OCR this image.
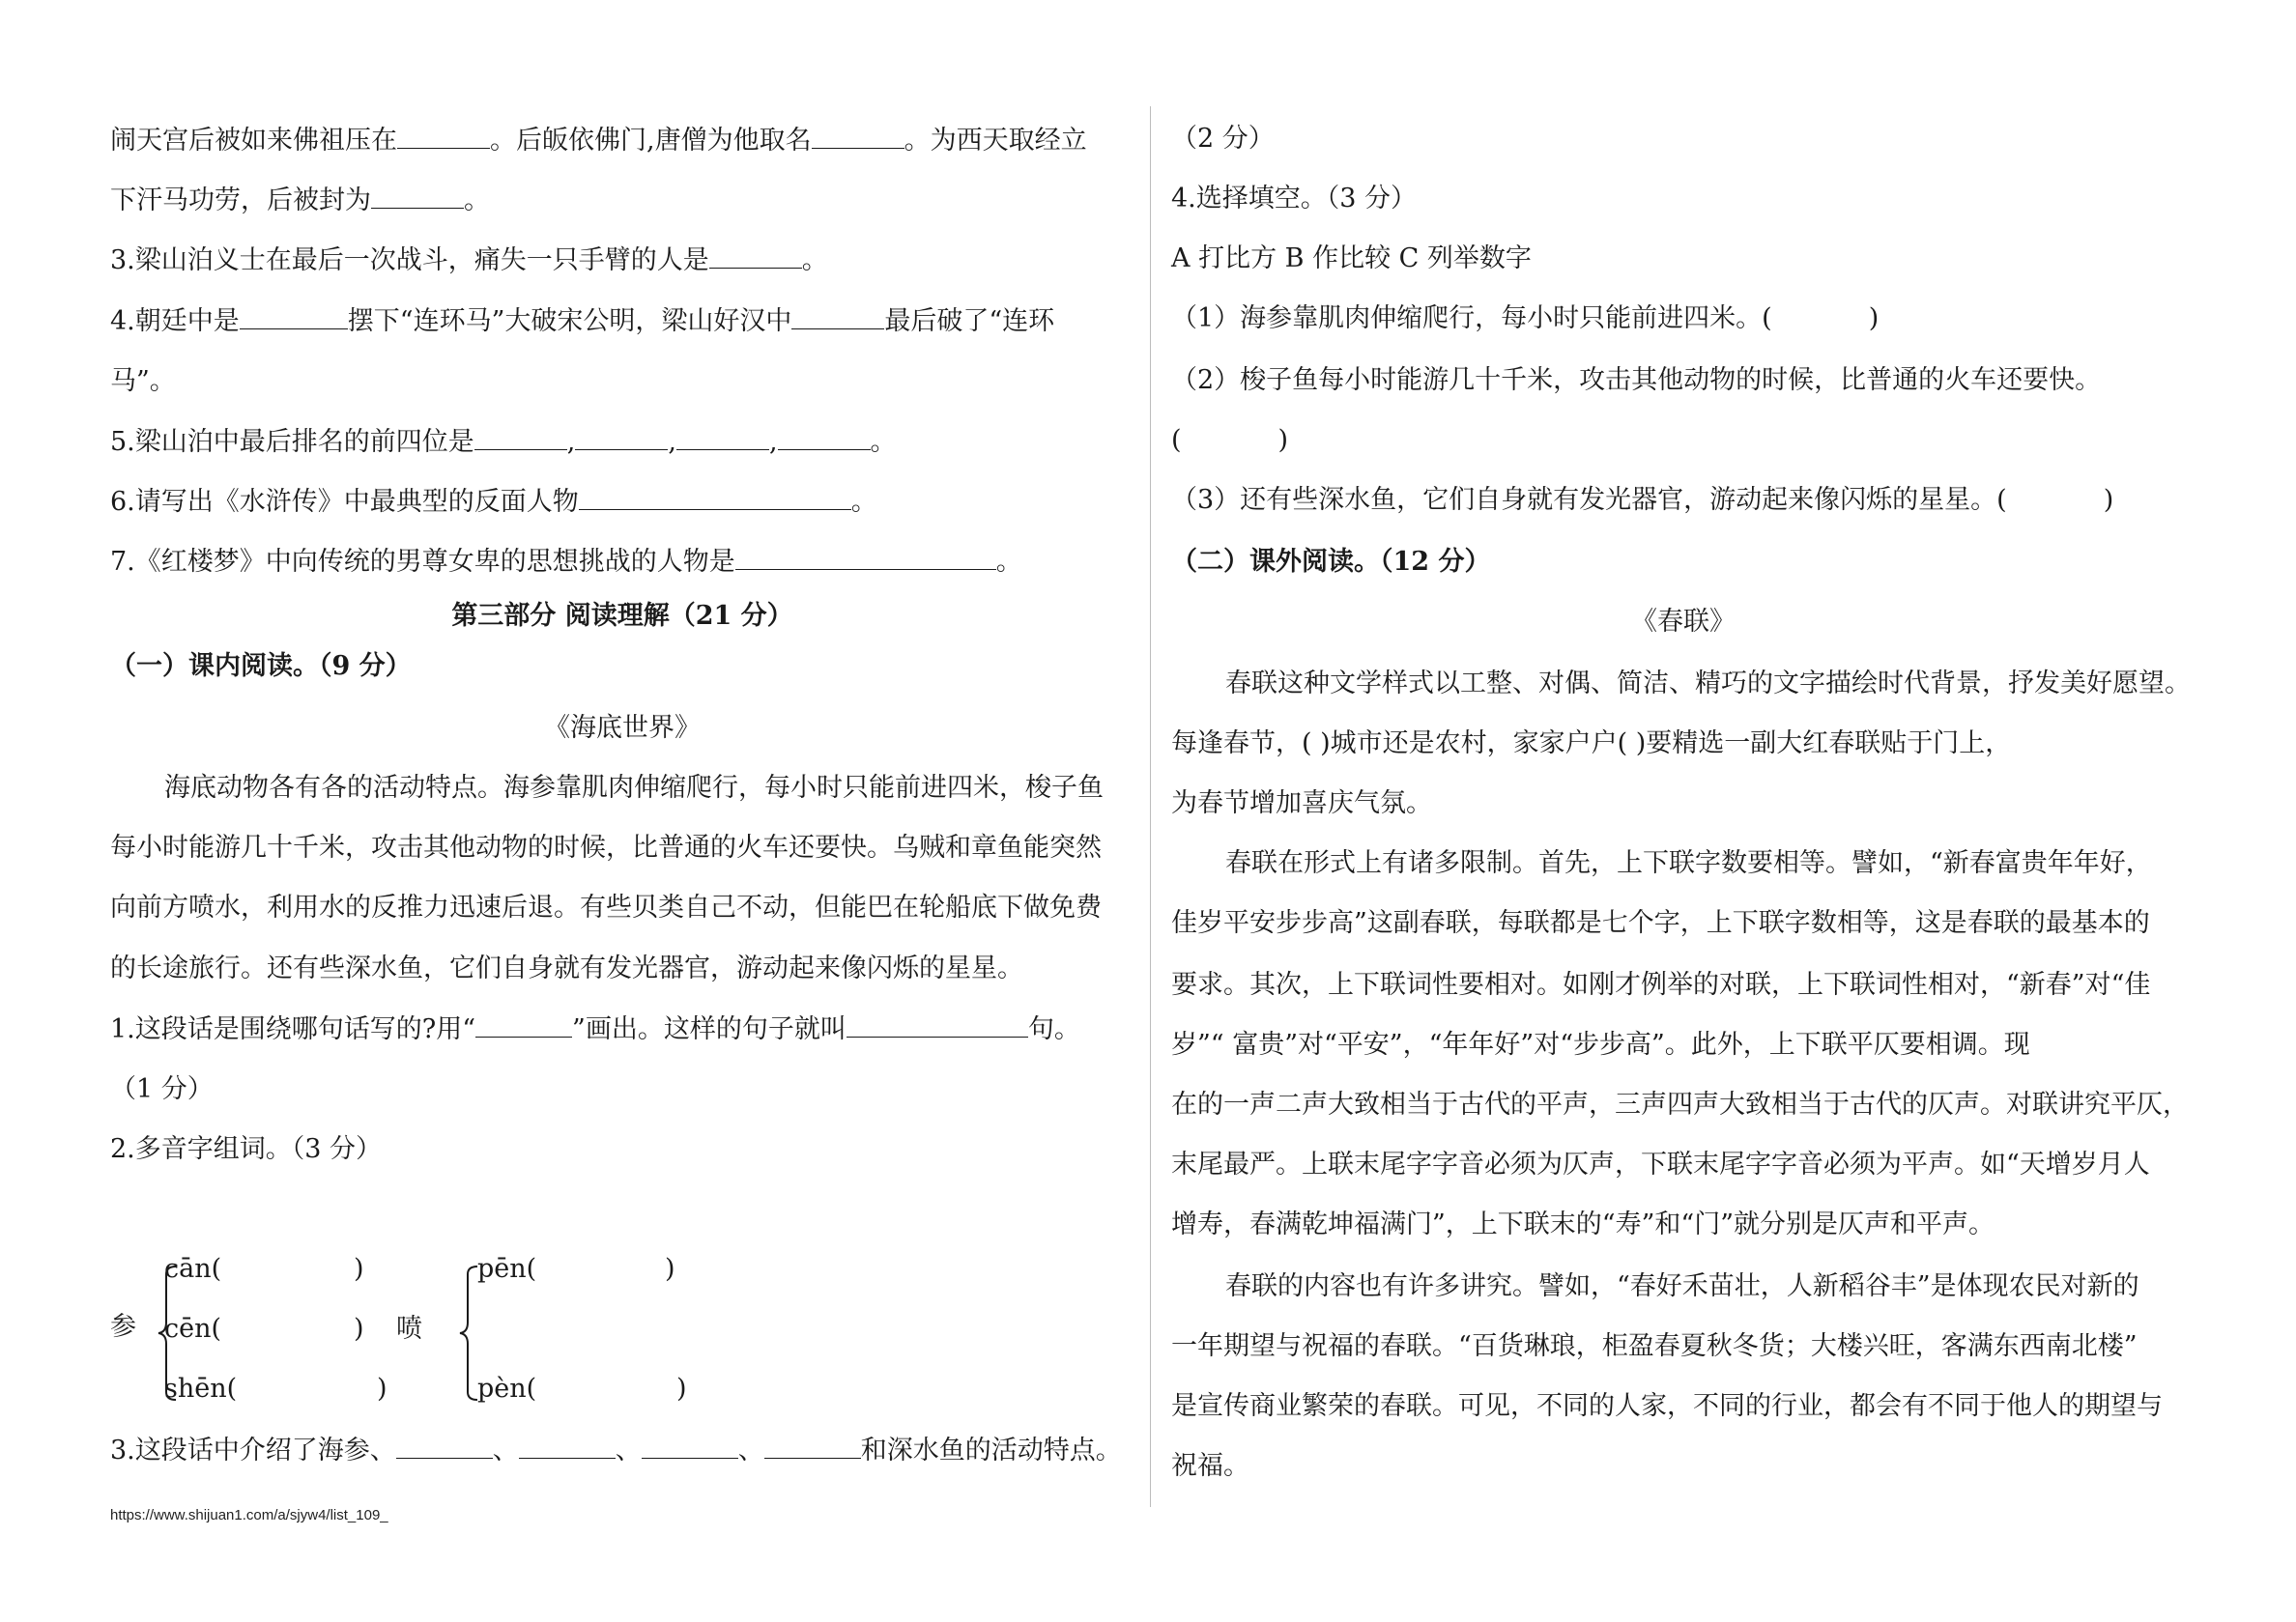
闹天宫后被如来佛祖压在	。后皈依佛门,唐僧为他取名	。为西天取经立
下汗马功劳，后被封为	。
3.梁山泊义士在最后一次战斗，痛失一只手臂的人是	。
4.朝廷中是	摆下“连环马”大破宋公明，梁山好汉中	最后破了“连环
马”。
5.梁山泊中最后排名的前四位是	,	,	,	。
6.请写出《水浒传》中最典型的反面人物	。
7.《红楼梦》中向传统的男尊女卑的思想挑战的人物是	。
第三部分 阅读理解（21 分）
（一）课内阅读。（9 分）
《海底世界》
海底动物各有各的活动特点。海参靠肌肉伸缩爬行，每小时只能前进四米，梭子鱼
每小时能游几十千米，攻击其他动物的时候，比普通的火车还要快。乌贼和章鱼能突然
向前方喷水，利用水的反推力迅速后退。有些贝类自己不动，但能巴在轮船底下做免费
的长途旅行。还有些深水鱼，它们自身就有发光器官，游动起来像闪烁的星星。
1.这段话是围绕哪句话写的?用“	”画出。这样的句子就叫	句。
（1 分）
2.多音字组词。（3 分）
参
cān(	)
cēn(	)
shēn(	)
喷
pēn(	)
pèn(	)
3.这段话中介绍了海参、	、	、	、	和深水鱼的活动特点。
（2 分）
4.选择填空。（3 分）
A 打比方 B 作比较 C 列举数字
（1）海参靠肌肉伸缩爬行，每小时只能前进四米。(	)
（2）梭子鱼每小时能游几十千米，攻击其他动物的时候，比普通的火车还要快。
(	)
（3）还有些深水鱼，它们自身就有发光器官，游动起来像闪烁的星星。(	)
（二）课外阅读。（12 分）
《春联》
春联这种文学样式以工整、对偶、简洁、精巧的文字描绘时代背景，抒发美好愿望。
每逢春节，( )城市还是农村，家家户户( )要精选一副大红春联贴于门上，
为春节增加喜庆气氛。
春联在形式上有诸多限制。首先，上下联字数要相等。譬如，“新春富贵年年好，
佳岁平安步步高”这副春联，每联都是七个字，上下联字数相等，这是春联的最基本的
要求。其次，上下联词性要相对。如刚才例举的对联，上下联词性相对，“新春”对“佳
岁”“ 富贵”对“平安”，“年年好”对“步步高”。此外，上下联平仄要相调。现
在的一声二声大致相当于古代的平声，三声四声大致相当于古代的仄声。对联讲究平仄，
末尾最严。上联末尾字字音必须为仄声，下联末尾字字音必须为平声。如“天增岁月人
增寿，春满乾坤福满门”，上下联末的“寿”和“门”就分别是仄声和平声。
春联的内容也有许多讲究。譬如，“春好禾苗壮，人新稻谷丰”是体现农民对新的
一年期望与祝福的春联。“百货琳琅，柜盈春夏秋冬货；大楼兴旺，客满东西南北楼”
是宣传商业繁荣的春联。可见，不同的人家，不同的行业，都会有不同于他人的期望与
祝福。
https://www.shijuan1.com/a/sjyw4/list_109_
